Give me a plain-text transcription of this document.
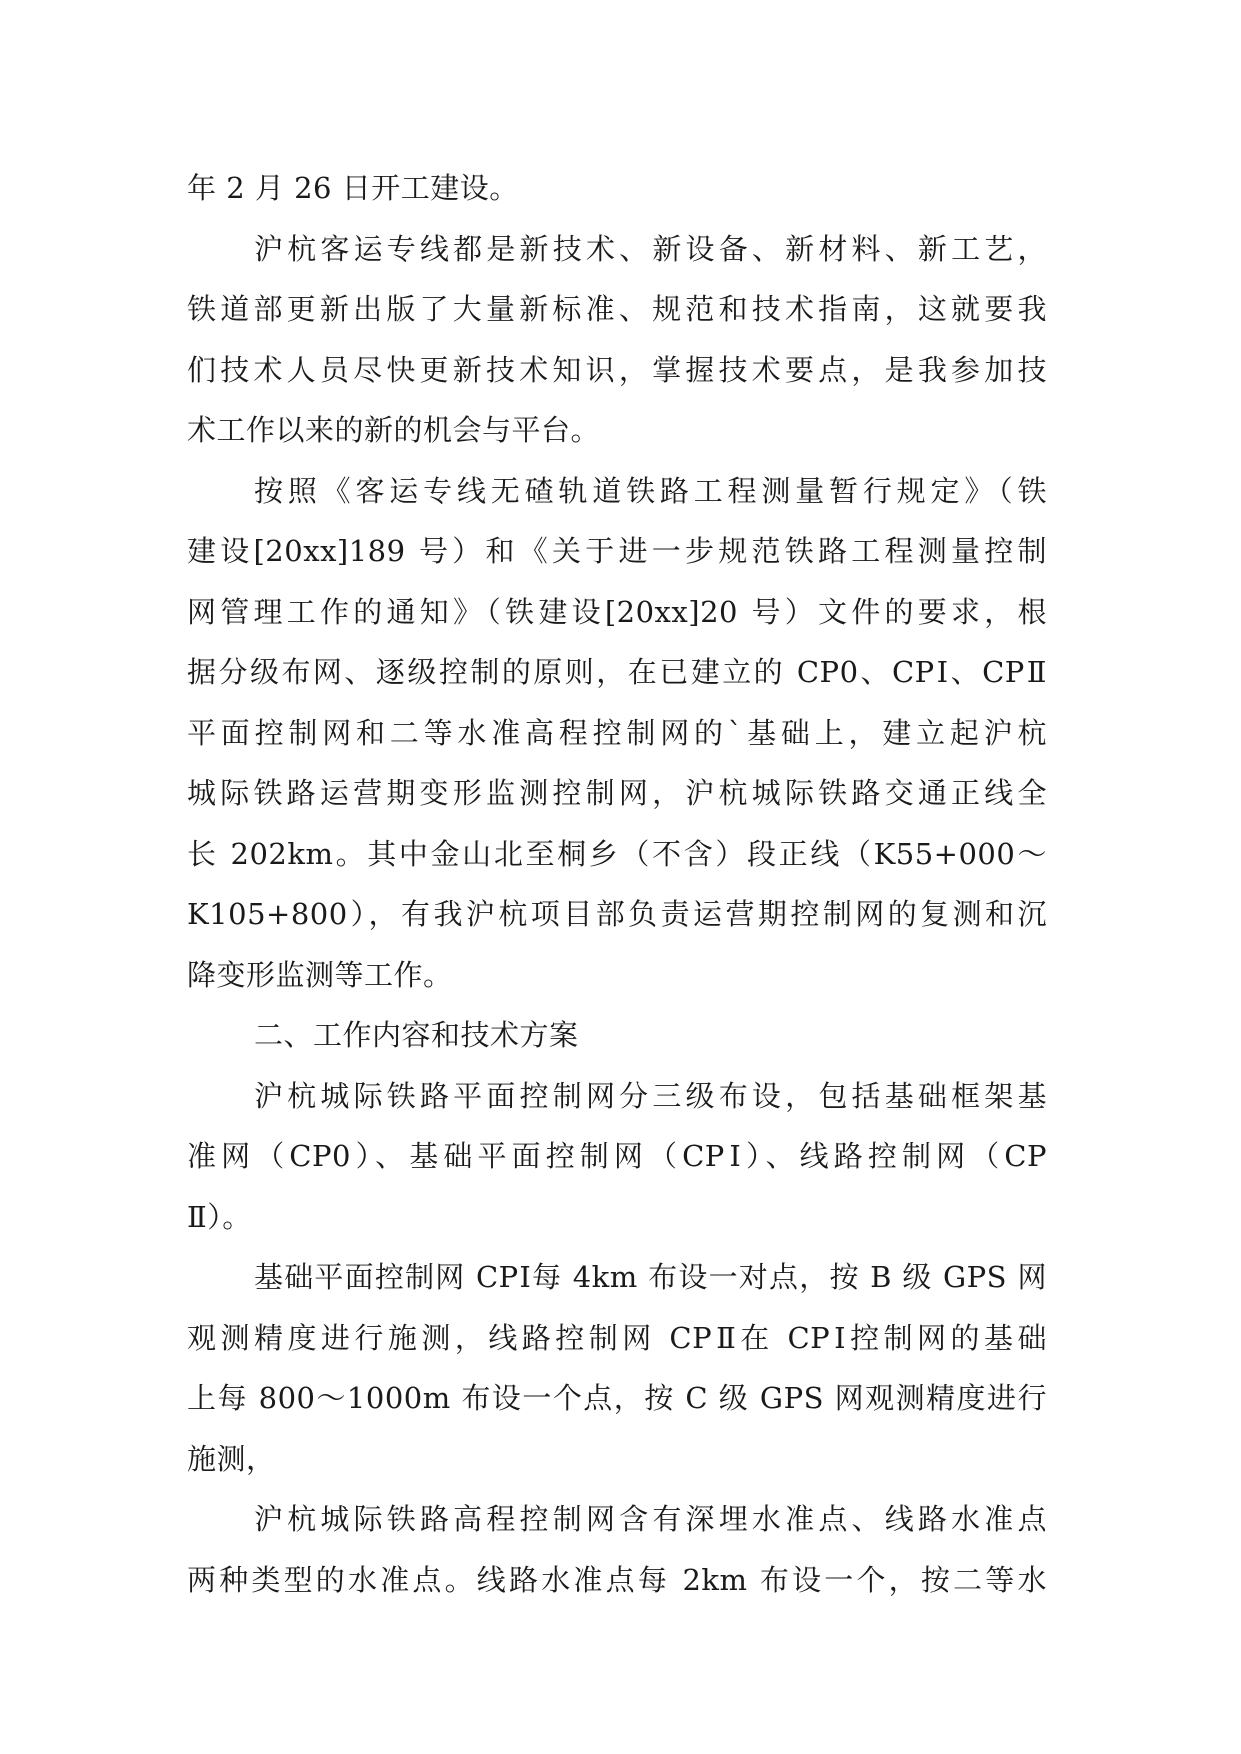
年 2 月 26 日开工建设。
沪杭客运专线都是新技术、新设备、新材料、新工艺，
铁道部更新出版了大量新标准、规范和技术指南，这就要我
们技术人员尽快更新技术知识，掌握技术要点，是我参加技
术工作以来的新的机会与平台。
按照《客运专线无碴轨道铁路工程测量暂行规定》（铁
建设[20xx]189 号）和《关于进一步规范铁路工程测量控制
网管理工作的通知》（铁建设[20xx]20 号）文件的要求，根
据分级布网、逐级控制的原则，在已建立的 CP0、CPⅠ、CPⅡ
平面控制网和二等水准高程控制网的`基础上，建立起沪杭
城际铁路运营期变形监测控制网，沪杭城际铁路交通正线全
长 202km。其中金山北至桐乡（不含）段正线（K55+000～
K105+800），有我沪杭项目部负责运营期控制网的复测和沉
降变形监测等工作。
二、工作内容和技术方案
沪杭城际铁路平面控制网分三级布设，包括基础框架基
准网（CP0）、基础平面控制网（CPⅠ）、线路控制网（CP
Ⅱ）。
基础平面控制网 CPⅠ每 4km 布设一对点，按 B 级 GPS 网
观测精度进行施测，线路控制网 CPⅡ在 CPⅠ控制网的基础
上每 800～1000m 布设一个点，按 C 级 GPS 网观测精度进行
施测，
沪杭城际铁路高程控制网含有深埋水准点、线路水准点
两种类型的水准点。线路水准点每 2km 布设一个，按二等水
